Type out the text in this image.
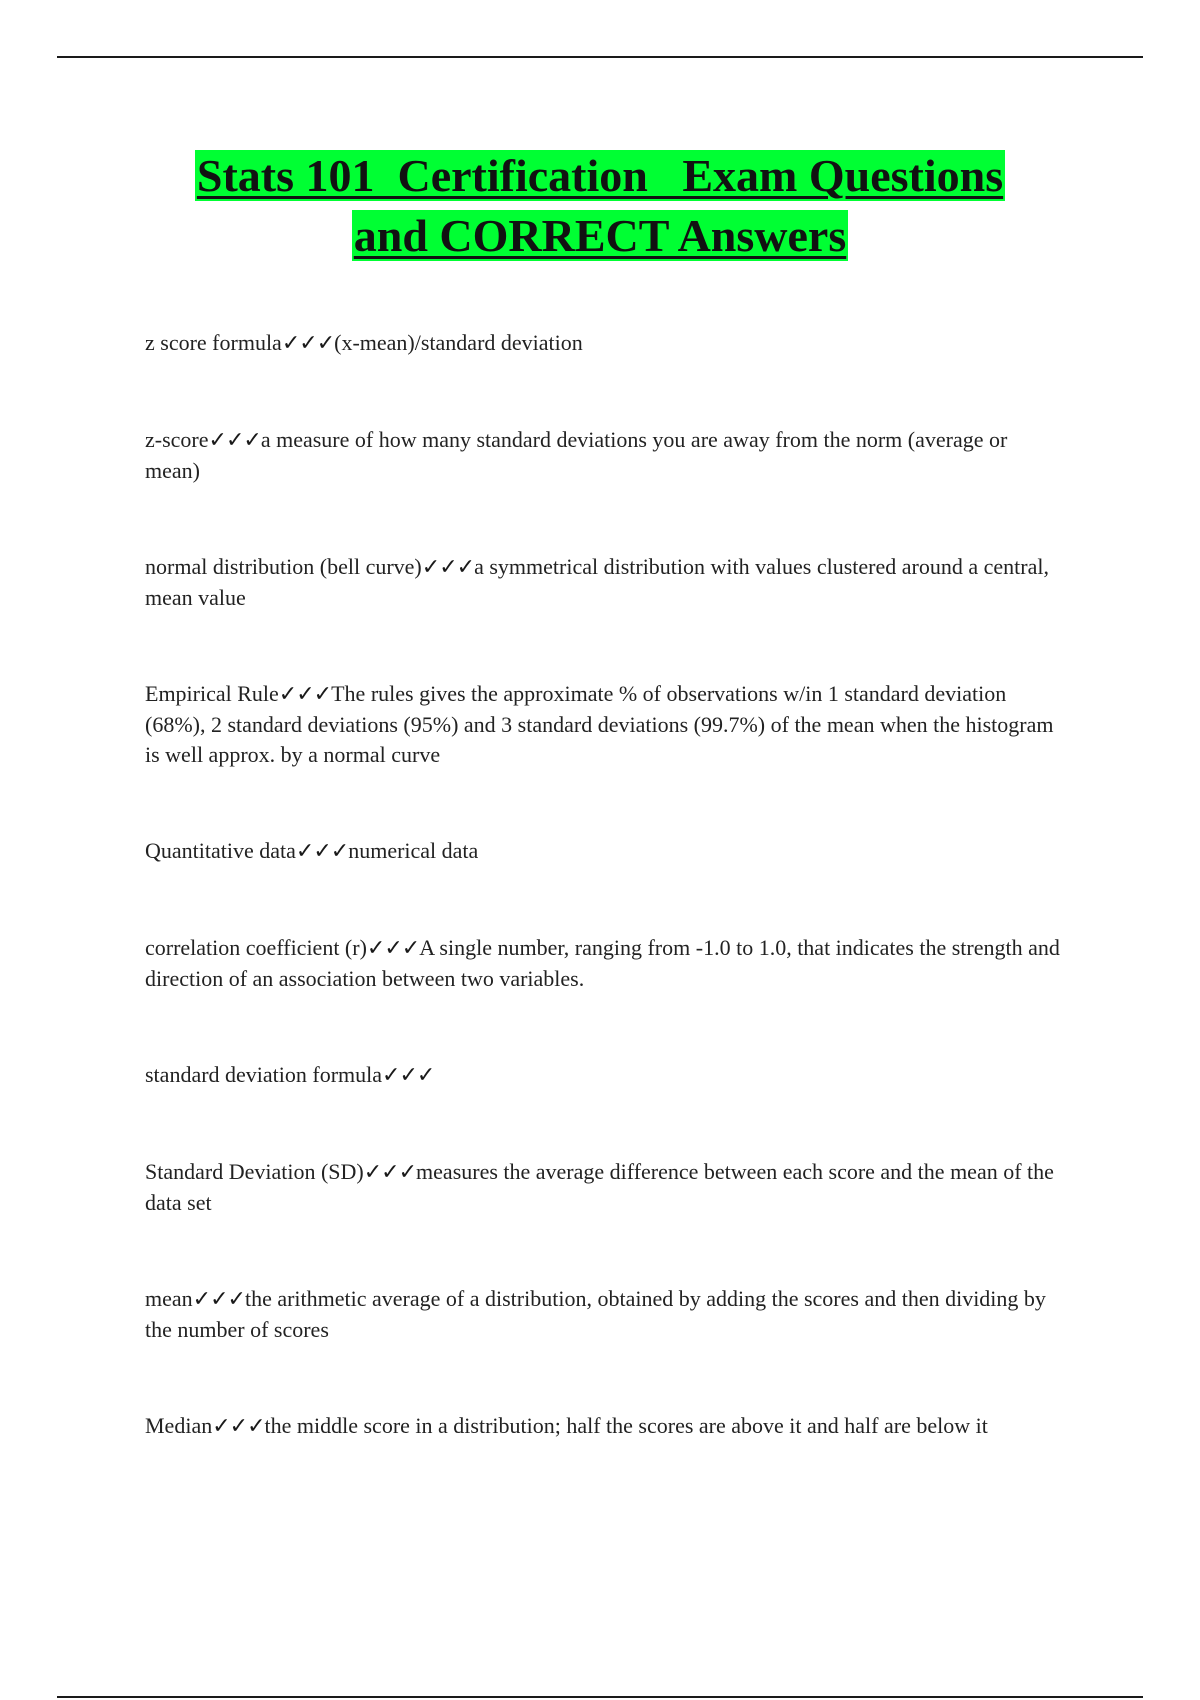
Stats 101  Certification   Exam Questions
and CORRECT Answers
z score formula✓✓✓(x-mean)/standard deviation
z-score✓✓✓a measure of how many standard deviations you are away from the norm (average or mean)
normal distribution (bell curve)✓✓✓a symmetrical distribution with values clustered around a central, mean value
Empirical Rule✓✓✓The rules gives the approximate % of observations w/in 1 standard deviation (68%), 2 standard deviations (95%) and 3 standard deviations (99.7%) of the mean when the histogram is well approx. by a normal curve
Quantitative data✓✓✓numerical data
correlation coefficient (r)✓✓✓A single number, ranging from -1.0 to 1.0, that indicates the strength and direction of an association between two variables.
standard deviation formula✓✓✓
Standard Deviation (SD)✓✓✓measures the average difference between each score and the mean of the data set
mean✓✓✓the arithmetic average of a distribution, obtained by adding the scores and then dividing by the number of scores
Median✓✓✓the middle score in a distribution; half the scores are above it and half are below it
